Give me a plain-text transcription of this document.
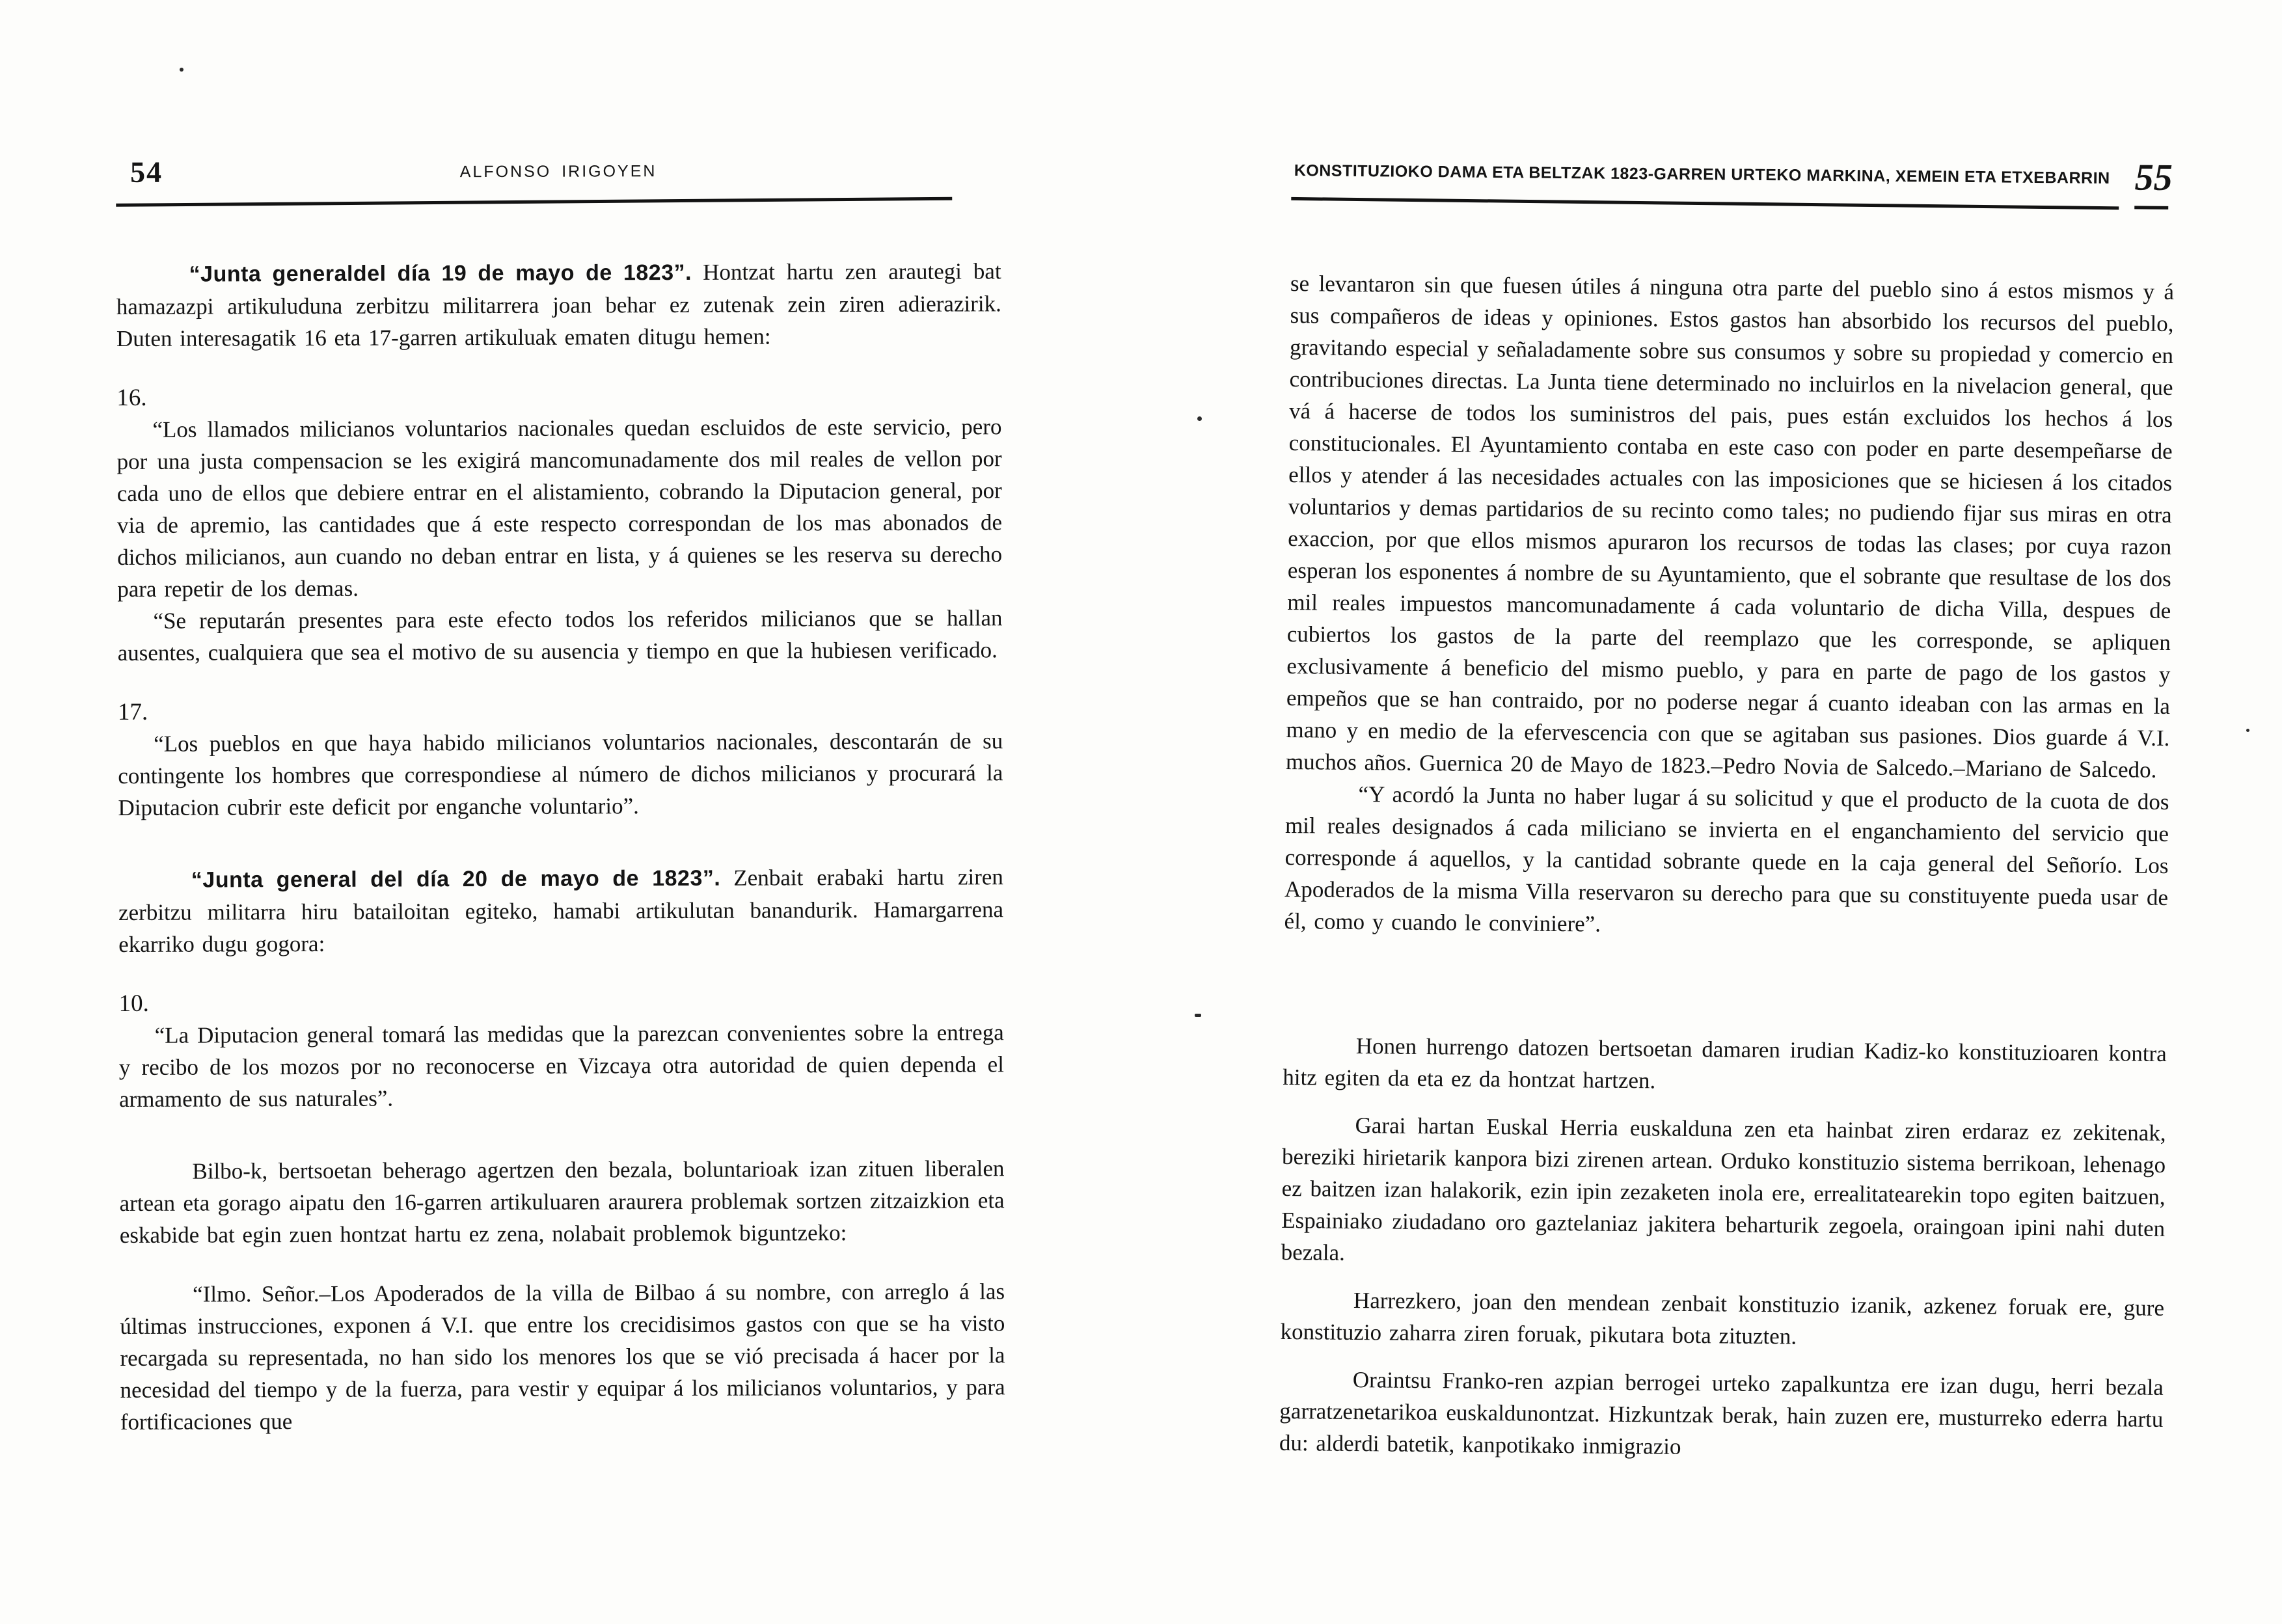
54	ALFONSO IRIGOYEN

“Junta generaldel día 19 de mayo de 1823”. Hontzat hartu zen arautegi bat hamazazpi artikuluduna zerbitzu militarrera joan behar ez zutenak zein ziren adierazirik. Duten interesagatik 16 eta 17-garren artikuluak ematen ditugu hemen:

16.

“Los llamados milicianos voluntarios nacionales quedan escluidos de este servicio, pero por una justa compensacion se les exigirá mancomunadamente dos mil reales de vellon por cada uno de ellos que debiere entrar en el alistamiento, cobrando la Diputacion general, por via de apremio, las cantidades que á este respecto correspondan de los mas abonados de dichos milicianos, aun cuando no deban entrar en lista, y á quienes se les reserva su derecho para repetir de los demas.

“Se reputarán presentes para este efecto todos los referidos milicianos que se hallan ausentes, cualquiera que sea el motivo de su ausencia y tiempo en que la hubiesen verificado.

17.

“Los pueblos en que haya habido milicianos voluntarios nacionales, descontarán de su contingente los hombres que correspondiese al número de dichos milicianos y procurará la Diputacion cubrir este deficit por enganche voluntario”.

“Junta general del día 20 de mayo de 1823”. Zenbait erabaki hartu ziren zerbitzu militarra hiru batailoitan egiteko, hamabi artikulutan banandurik. Hamargarrena ekarriko dugu gogora:

10.

“La Diputacion general tomará las medidas que la parezcan convenientes sobre la entrega y recibo de los mozos por no reconocerse en Vizcaya otra autoridad de quien dependa el armamento de sus naturales”.

Bilbo-k, bertsoetan beherago agertzen den bezala, boluntarioak izan zituen liberalen artean eta gorago aipatu den 16-garren artikuluaren araurera problemak sortzen zitzaizkion eta eskabide bat egin zuen hontzat hartu ez zena, nolabait problemok biguntzeko:

“Ilmo. Señor.–Los Apoderados de la villa de Bilbao á su nombre, con arreglo á las últimas instrucciones, exponen á V.I. que entre los crecidisimos gastos con que se ha visto recargada su representada, no han sido los menores los que se vió precisada á hacer por la necesidad del tiempo y de la fuerza, para vestir y equipar á los milicianos voluntarios, y para fortificaciones que

KONSTITUZIOKO DAMA ETA BELTZAK 1823-GARREN URTEKO MARKINA, XEMEIN ETA ETXEBARRIN 55

se levantaron sin que fuesen útiles á ninguna otra parte del pueblo sino á estos mismos y á sus compañeros de ideas y opiniones. Estos gastos han absorbido los recursos del pueblo, gravitando especial y señaladamente sobre sus consumos y sobre su propiedad y comercio en contribuciones directas. La Junta tiene determinado no incluirlos en la nivelacion general, que vá á hacerse de todos los suministros del pais, pues están excluidos los hechos á los constitucionales. El Ayuntamiento contaba en este caso con poder en parte desempeñarse de ellos y atender á las necesidades actuales con las imposiciones que se hiciesen á los citados voluntarios y demas partidarios de su recinto como tales; no pudiendo fijar sus miras en otra exaccion, por que ellos mismos apuraron los recursos de todas las clases; por cuya razon esperan los esponentes á nombre de su Ayuntamiento, que el sobrante que resultase de los dos mil reales impuestos mancomunadamente á cada voluntario de dicha Villa, despues de cubiertos los gastos de la parte del reemplazo que les corresponde, se apliquen exclusivamente á beneficio del mismo pueblo, y para en parte de pago de los gastos y empeños que se han contraido, por no poderse negar á cuanto ideaban con las armas en la mano y en medio de la efervescencia con que se agitaban sus pasiones. Dios guarde á V.I. muchos años. Guernica 20 de Mayo de 1823.–Pedro Novia de Salcedo.–Mariano de Salcedo.

“Y acordó la Junta no haber lugar á su solicitud y que el producto de la cuota de dos mil reales designados á cada miliciano se invierta en el enganchamiento del servicio que corresponde á aquellos, y la cantidad sobrante quede en la caja general del Señorío. Los Apoderados de la misma Villa reservaron su derecho para que su constituyente pueda usar de él, como y cuando le conviniere”.

Honen hurrengo datozen bertsoetan damaren irudian Kadiz-ko konstituzioaren kontra hitz egiten da eta ez da hontzat hartzen.

Garai hartan Euskal Herria euskalduna zen eta hainbat ziren erdaraz ez zekitenak, bereziki hirietarik kanpora bizi zirenen artean. Orduko konstituzio sistema berrikoan, lehenago ez baitzen izan halakorik, ezin ipin zezaketen inola ere, errealitatearekin topo egiten baitzuen, Espainiako ziudadano oro gaztelaniaz jakitera beharturik zegoela, oraingoan ipini nahi duten bezala.

Harrezkero, joan den mendean zenbait konstituzio izanik, azkenez foruak ere, gure konstituzio zaharra ziren foruak, pikutara bota zituzten.

Oraintsu Franko-ren azpian berrogei urteko zapalkuntza ere izan dugu, herri bezala garratzenetarikoa euskaldunontzat. Hizkuntzak berak, hain zuzen ere, musturreko ederra hartu du: alderdi batetik, kanpotikako inmigrazio
